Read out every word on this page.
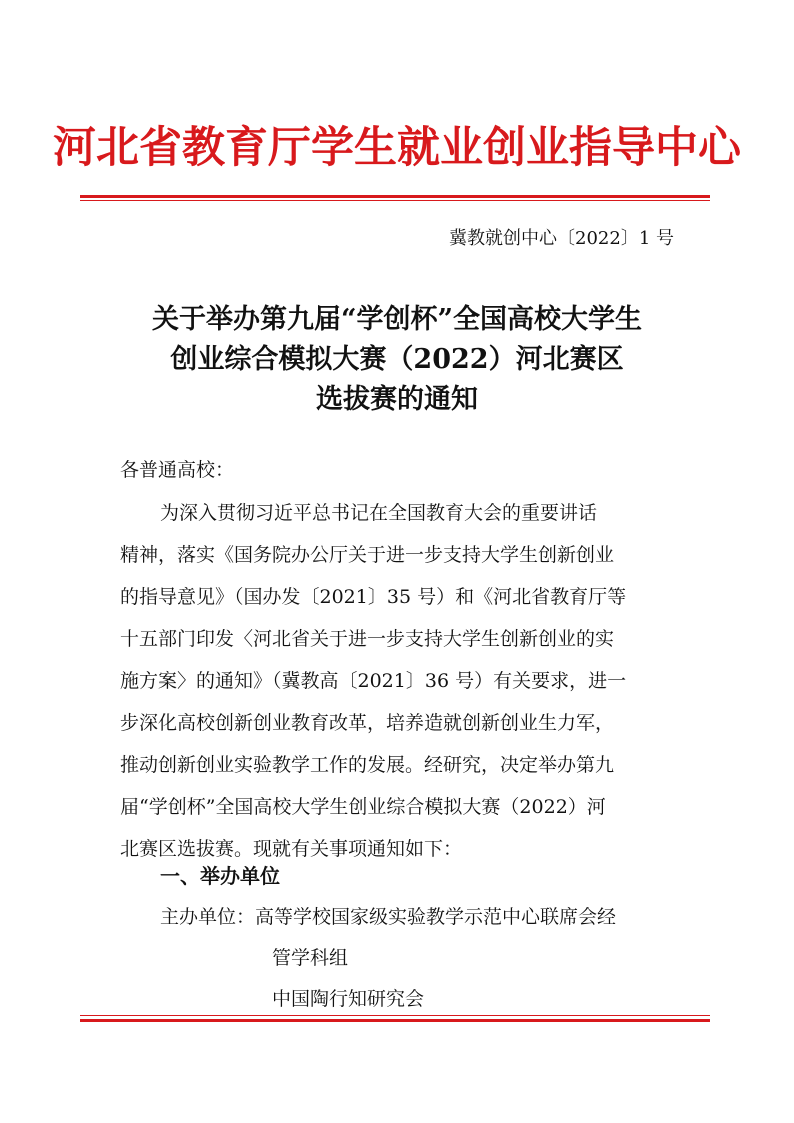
河北省教育厅学生就业创业指导中心
冀教就创中心〔2022〕1 号
关于举办第九届“学创杯”全国高校大学生
创业综合模拟大赛（2022）河北赛区
选拔赛的通知
各普通高校：
为深入贯彻习近平总书记在全国教育大会的重要讲话
精神，落实《国务院办公厅关于进一步支持大学生创新创业
的指导意见》（国办发〔2021〕35 号）和《河北省教育厅等
十五部门印发〈河北省关于进一步支持大学生创新创业的实
施方案〉的通知》（冀教高〔2021〕36 号）有关要求，进一
步深化高校创新创业教育改革，培养造就创新创业生力军，
推动创新创业实验教学工作的发展。经研究，决定举办第九
届“学创杯”全国高校大学生创业综合模拟大赛（2022）河
北赛区选拔赛。现就有关事项通知如下：
一、举办单位
主办单位： 高等学校国家级实验教学示范中心联席会经
管学科组
中国陶行知研究会
